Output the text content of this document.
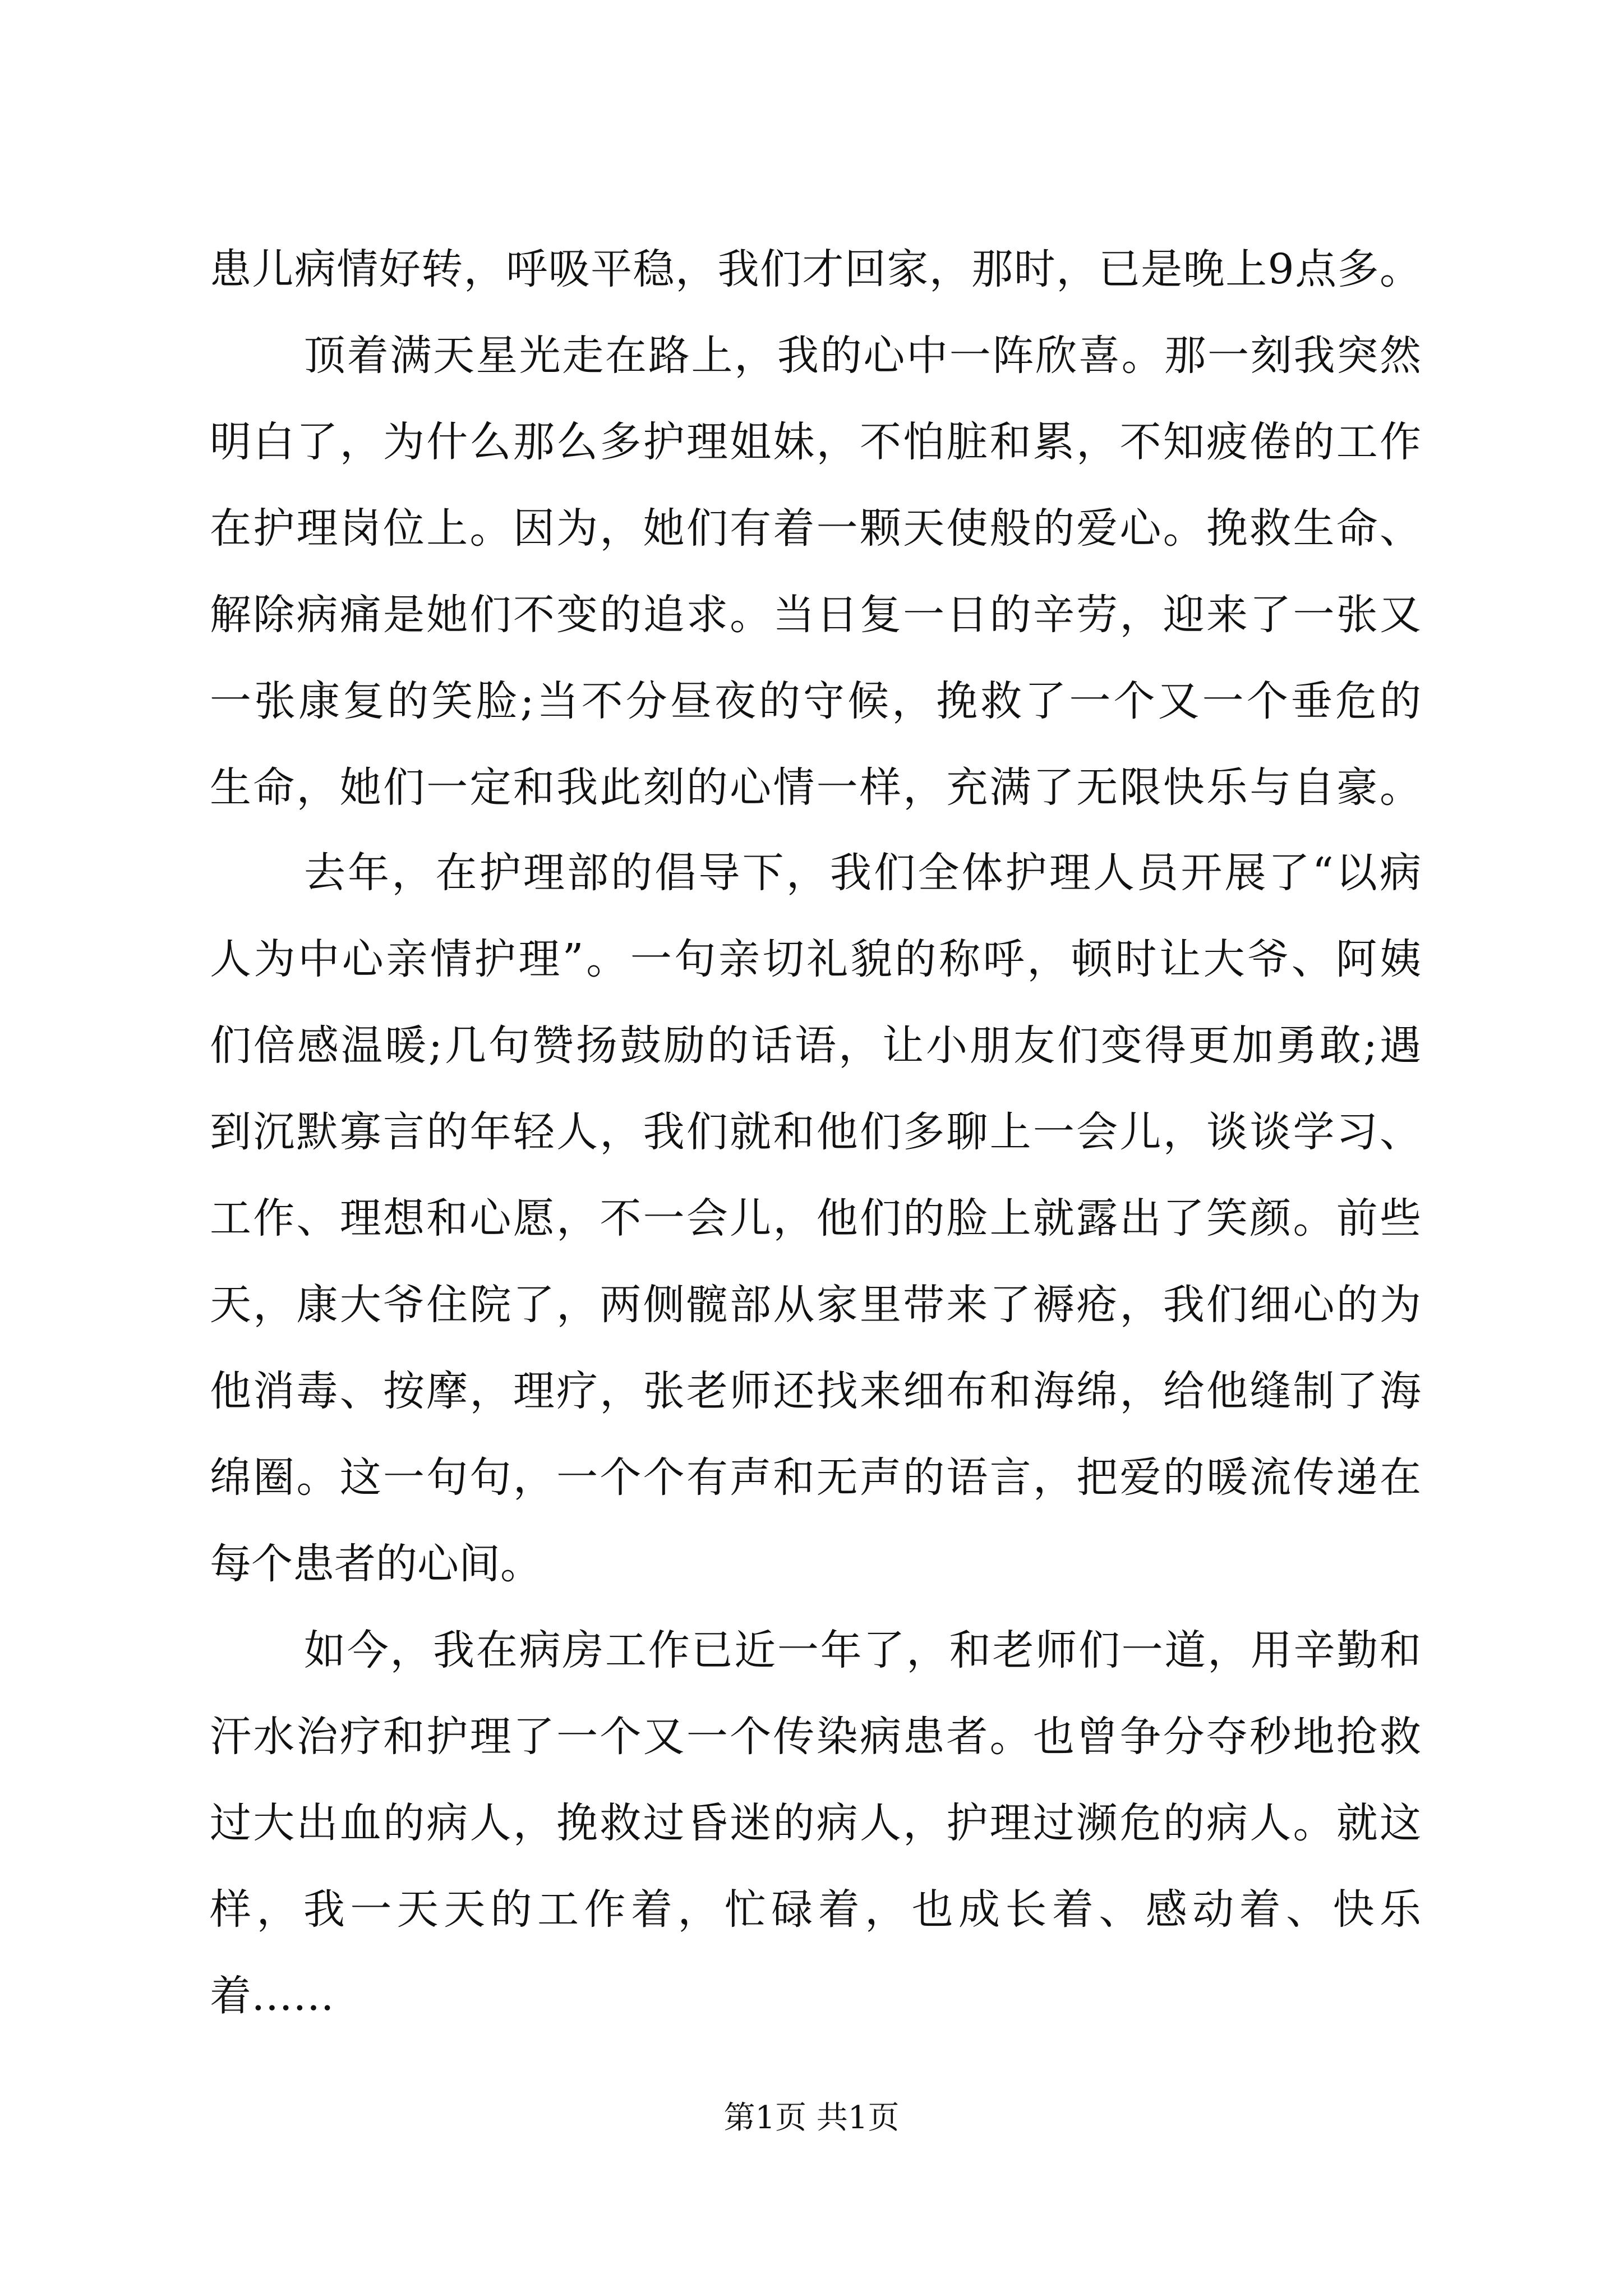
患儿病情好转，呼吸平稳，我们才回家，那时，已是晚上9点多。
顶着满天星光走在路上，我的心中一阵欣喜。那一刻我突然
明白了，为什么那么多护理姐妹，不怕脏和累，不知疲倦的工作
在护理岗位上。因为，她们有着一颗天使般的爱心。挽救生命、
解除病痛是她们不变的追求。当日复一日的辛劳，迎来了一张又
一张康复的笑脸;当不分昼夜的守候，挽救了一个又一个垂危的
生命，她们一定和我此刻的心情一样，充满了无限快乐与自豪。
去年，在护理部的倡导下，我们全体护理人员开展了“以病
人为中心亲情护理”。一句亲切礼貌的称呼，顿时让大爷、阿姨
们倍感温暖;几句赞扬鼓励的话语，让小朋友们变得更加勇敢;遇
到沉默寡言的年轻人，我们就和他们多聊上一会儿，谈谈学习、
工作、理想和心愿，不一会儿，他们的脸上就露出了笑颜。前些
天，康大爷住院了，两侧髋部从家里带来了褥疮，我们细心的为
他消毒、按摩，理疗，张老师还找来细布和海绵，给他缝制了海
绵圈。这一句句，一个个有声和无声的语言，把爱的暖流传递在
每个患者的心间。
如今，我在病房工作已近一年了，和老师们一道，用辛勤和
汗水治疗和护理了一个又一个传染病患者。也曾争分夺秒地抢救
过大出血的病人，挽救过昏迷的病人，护理过濒危的病人。就这
样，我一天天的工作着，忙碌着，也成长着、感动着、快乐
着……
第1页 共1页
